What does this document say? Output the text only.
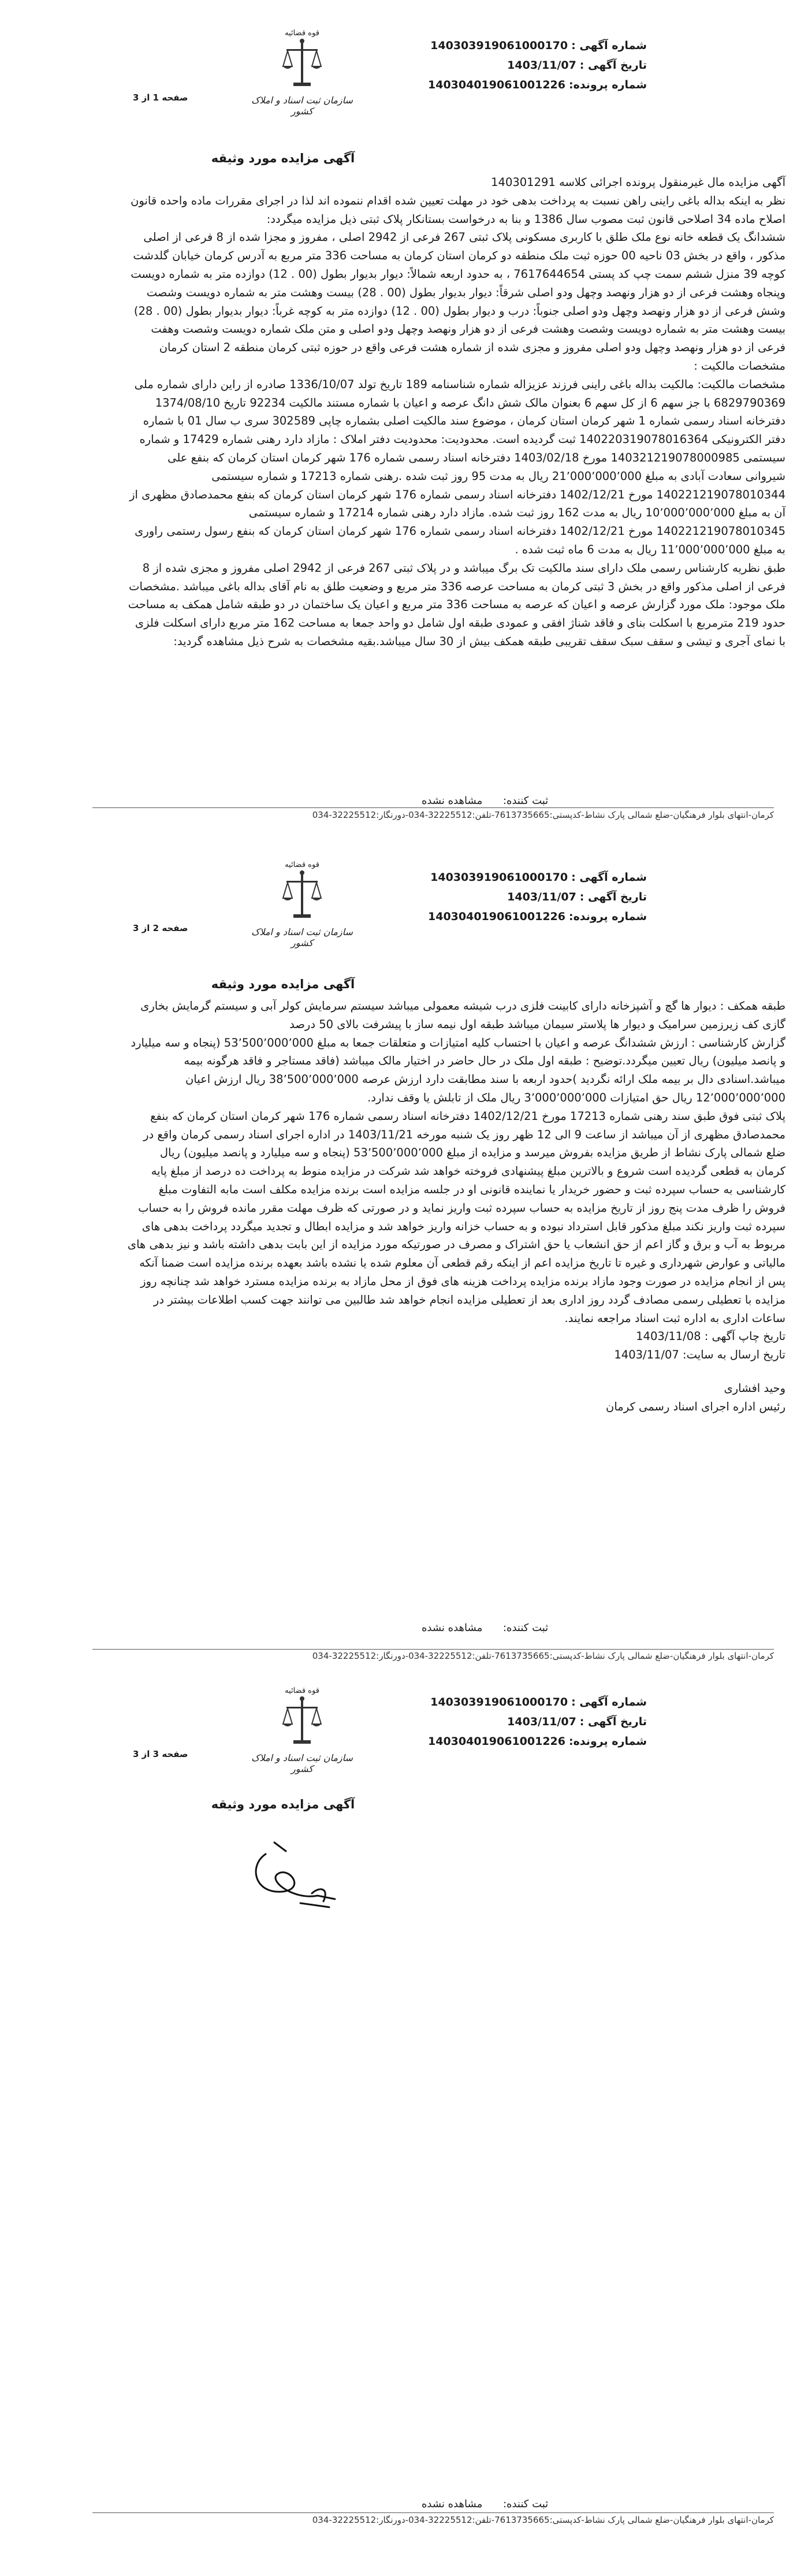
شماره آگهی :140303919061000170
تاریخ آگهی :1403/11/07
شماره پرونده:140304019061001226
قوه قضائیه
سازمان ثبت اسناد و املاک کشور
صفحه 1 از 3
آگهی مزایده مورد وثیقه

آگهی مزایده مال غیرمنقول پرونده اجرائی کلاسه 140301291

نظر به اینکه بداله باغی راینی راهن نسبت به پرداخت بدهی خود در مهلت تعیین شده اقدام ننموده اند لذا در اجرای مقررات ماده واحده قانون اصلاح ماده 34 اصلاحی قانون ثبت مصوب سال 1386 و بنا به درخواست بستانکار پلاک ثبتی ذیل مزایده میگردد:

ششدانگ یک قطعه خانه نوع ملک طلق با کاربری مسکونی پلاک ثبتی 267 فرعی از 2942 اصلی ، مفروز و مجزا شده از 8 فرعی از اصلی مذکور ، واقع در بخش 03 ناحیه 00 حوزه ثبت ملک منطقه دو کرمان استان کرمان به مساحت 336 متر مربع به آدرس کرمان خیابان گلدشت کوچه 39 منزل ششم سمت چپ کد پستی 7617644654 ، به حدود اربعه شمالاً: دیوار بدیوار بطول (00 . 12) دوازده متر به شماره دویست وپنجاه وهشت فرعی از دو هزار ونهصد وچهل ودو اصلی شرقاً: دیوار بدیوار بطول (00 . 28) بیست وهشت متر به شماره دویست وشصت وشش فرعی از دو هزار ونهصد وچهل ودو اصلی جنوباً: درب و دیوار بطول (00 . 12) دوازده متر به کوچه غرباً: دیوار بدیوار بطول (00 . 28) بیست وهشت متر به شماره دویست وشصت وهشت فرعی از دو هزار ونهصد وچهل ودو اصلی و متن ملک شماره دویست وشصت وهفت فرعی از دو هزار ونهصد وچهل ودو اصلی مفروز و مجزی شده از شماره هشت فرعی واقع در حوزه ثبتی کرمان منطقه 2 استان کرمان

مشخصات مالکیت :

مشخصات مالکیت: مالکیت بداله باغی راینی فرزند عزیزاله شماره شناسنامه 189 تاریخ تولد 1336/10/07 صادره از راین دارای شماره ملی 6829790369 با جز سهم 6 از کل سهم 6 بعنوان مالک شش دانگ عرصه و اعیان با شماره مستند مالکیت 92234 تاریخ 1374/08/10 دفترخانه اسناد رسمی شماره 1 شهر کرمان استان کرمان ، موضوع سند مالکیت اصلی بشماره چاپی 302589 سری ب سال 01 با شماره دفتر الکترونیکی 140220319078016364 ثبت گردیده است. محدودیت: محدودیت دفتر املاک : مازاد دارد رهنی شماره 17429 و شماره سیستمی 140321219078000985 مورخ 1403/02/18 دفترخانه اسناد رسمی شماره 176 شهر کرمان استان کرمان که بنفع علی شیروانی سعادت آبادی به مبلغ 21٬000٬000٬000 ریال به مدت 95 روز ثبت شده .رهنی شماره 17213 و شماره سیستمی 140221219078010344 مورخ 1402/12/21 دفترخانه اسناد رسمی شماره 176 شهر کرمان استان کرمان که بنفع محمدصادق مظهری از آن به مبلغ 10٬000٬000٬000 ریال به مدت 162 روز ثبت شده. مازاد دارد رهنی شماره 17214 و شماره سیستمی 140221219078010345 مورخ 1402/12/21 دفترخانه اسناد رسمی شماره 176 شهر کرمان استان کرمان که بنفع رسول رستمی راوری به مبلغ 11٬000٬000٬000 ریال به مدت 6 ماه ثبت شده .

طبق نظریه کارشناس رسمی ملک دارای سند مالکیت تک برگ میباشد و در پلاک ثبتی 267 فرعی از 2942 اصلی مفروز و مجزی شده از 8 فرعی از اصلی مذکور واقع در بخش 3 ثبتی کرمان به مساحت عرصه 336 متر مربع و وضعیت طلق به نام آقای بداله باغی میباشد .مشخصات ملک موجود: ملک مورد گزارش عرصه و اعیان که عرصه به مساحت 336 متر مربع و اعیان یک ساختمان در دو طبقه شامل همکف به مساحت حدود 219 مترمربع با اسکلت بنای و فاقد شناژ افقی و عمودی طبقه اول شامل دو واحد جمعا به مساحت 162 متر مربع دارای اسکلت فلزی با نمای آجری و تیشی و سقف سبک سقف تقریبی طبقه همکف بیش از 30 سال میباشد.بقیه مشخصات به شرح ذیل مشاهده گردید:

ثبت کننده: مشاهده نشده
کرمان-انتهای بلوار فرهنگیان-ضلع شمالی پارک نشاط-کدپستی:7613735665-تلفن:32225512-034-دورنگار:32225512-034
شماره آگهی :140303919061000170
تاریخ آگهی :1403/11/07
شماره پرونده:140304019061001226
قوه قضائیه
سازمان ثبت اسناد و املاک کشور
صفحه 2 از 3
آگهی مزایده مورد وثیقه

طبقه همکف : دیوار ها گچ و آشپزخانه دارای کابینت فلزی درب شیشه معمولی میباشد سیستم سرمایش کولر آبی و سیستم گرمایش بخاری گازی کف زیرزمین سرامیک و دیوار ها پلاستر سیمان میباشد طبقه اول نیمه ساز با پیشرفت بالای 50 درصد

گزارش کارشناسی : ارزش ششدانگ عرصه و اعیان با احتساب کلیه امتیازات و متعلقات جمعا به مبلغ 53٬500٬000٬000 (پنجاه و سه میلیارد و پانصد میلیون) ریال تعیین میگردد.توضیح : طبقه اول ملک در حال حاضر در اختیار مالک میباشد (فاقد مستاجر و فاقد هرگونه بیمه میباشد.اسنادی دال بر بیمه ملک ارائه نگردید )حدود اربعه با سند مطابقت دارد ارزش عرصه 38٬500٬000٬000 ریال ارزش اعیان 12٬000٬000٬000 ریال حق امتیازات 3٬000٬000٬000 ریال ملک از تابلش یا وقف ندارد.

پلاک ثبتی فوق طبق سند رهنی شماره 17213 مورخ 1402/12/21 دفترخانه اسناد رسمی شماره 176 شهر کرمان استان کرمان که بنفع محمدصادق مظهری از آن میباشد از ساعت 9 الی 12 ظهر روز یک شنبه مورخه 1403/11/21 در اداره اجرای اسناد رسمی کرمان واقع در ضلع شمالی پارک نشاط از طریق مزایده بفروش میرسد و مزایده از مبلغ 53٬500٬000٬000 (پنجاه و سه میلیارد و پانصد میلیون) ریال کرمان به قطعی گردیده است شروع و بالاترین مبلغ پیشنهادی فروخته خواهد شد شرکت در مزایده منوط به پرداخت ده درصد از مبلغ پایه کارشناسی به حساب سپرده ثبت و حضور خریدار یا نماینده قانونی او در جلسه مزایده است برنده مزایده مکلف است مابه التفاوت مبلغ فروش را ظرف مدت پنج روز از تاریخ مزایده به حساب سپرده ثبت واریز نماید و در صورتی که ظرف مهلت مقرر مانده فروش را به حساب سپرده ثبت واریز نکند مبلغ مذکور قابل استرداد نبوده و به حساب خزانه واریز خواهد شد و مزایده ابطال و تجدید میگردد پرداخت بدهی های مربوط به آب و برق و گاز اعم از حق انشعاب یا حق اشتراک و مصرف در صورتیکه مورد مزایده از این بابت بدهی داشته باشد و نیز بدهی های مالیاتی و عوارض شهرداری و غیره تا تاریخ مزایده اعم از اینکه رقم قطعی آن معلوم شده یا نشده باشد بعهده برنده مزایده است ضمنا آنکه پس از انجام مزایده در صورت وجود مازاد برنده مزایده پرداخت هزینه های فوق از محل مازاد به برنده مزایده مسترد خواهد شد چنانچه روز مزایده با تعطیلی رسمی مصادف گردد روز اداری بعد از تعطیلی مزایده انجام خواهد شد طالبین می توانند جهت کسب اطلاعات بیشتر در ساعات اداری به اداره ثبت اسناد مراجعه نمایند.

تاریخ چاپ آگهی : 1403/11/08

تاریخ ارسال به سایت: 1403/11/07

وحید افشاری

رئیس اداره اجرای اسناد رسمی کرمان

ثبت کننده: مشاهده نشده
کرمان-انتهای بلوار فرهنگیان-ضلع شمالی پارک نشاط-کدپستی:7613735665-تلفن:32225512-034-دورنگار:32225512-034
شماره آگهی :140303919061000170
تاریخ آگهی :1403/11/07
شماره پرونده:140304019061001226
قوه قضائیه
سازمان ثبت اسناد و املاک کشور
صفحه 3 از 3
آگهی مزایده مورد وثیقه
ثبت کننده: مشاهده نشده
کرمان-انتهای بلوار فرهنگیان-ضلع شمالی پارک نشاط-کدپستی:7613735665-تلفن:32225512-034-دورنگار:32225512-034
